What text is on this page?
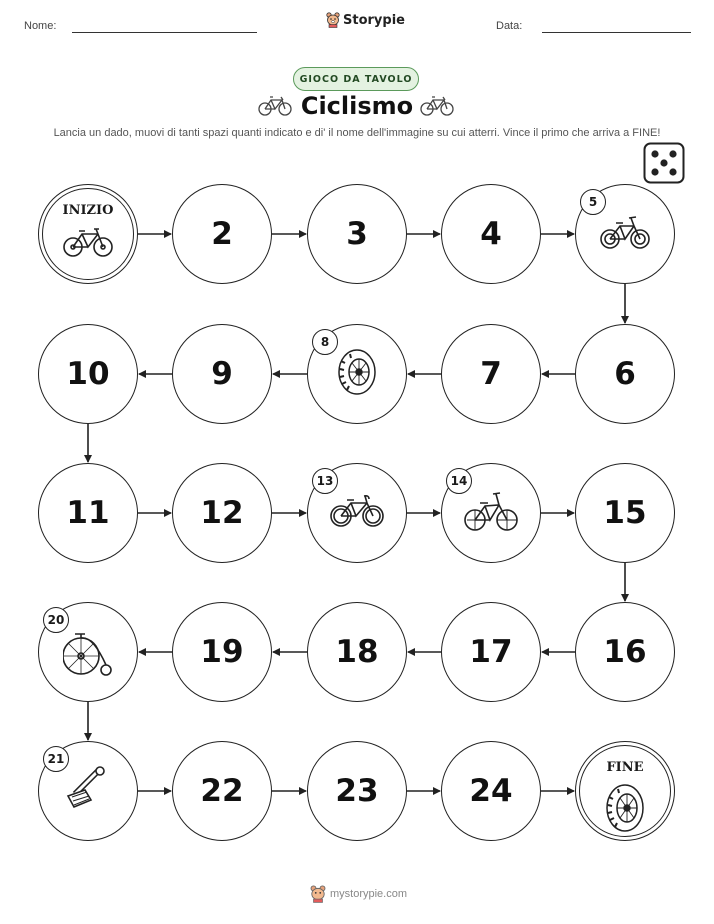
Nome:	Storypie	Data:
GIOCO DA TAVOLO
Ciclismo
Lancia un dado, muovi di tanti spazi quanti indicato e di' il nome dell'immagine su cui atterri. Vince il primo che arriva a FINE!
INIZIO
2	3	4
5
6
7
8
9
10
11	12
13	14
15
16
17
18
19
20
21
22	23	24
FINE
mystorypie.com
